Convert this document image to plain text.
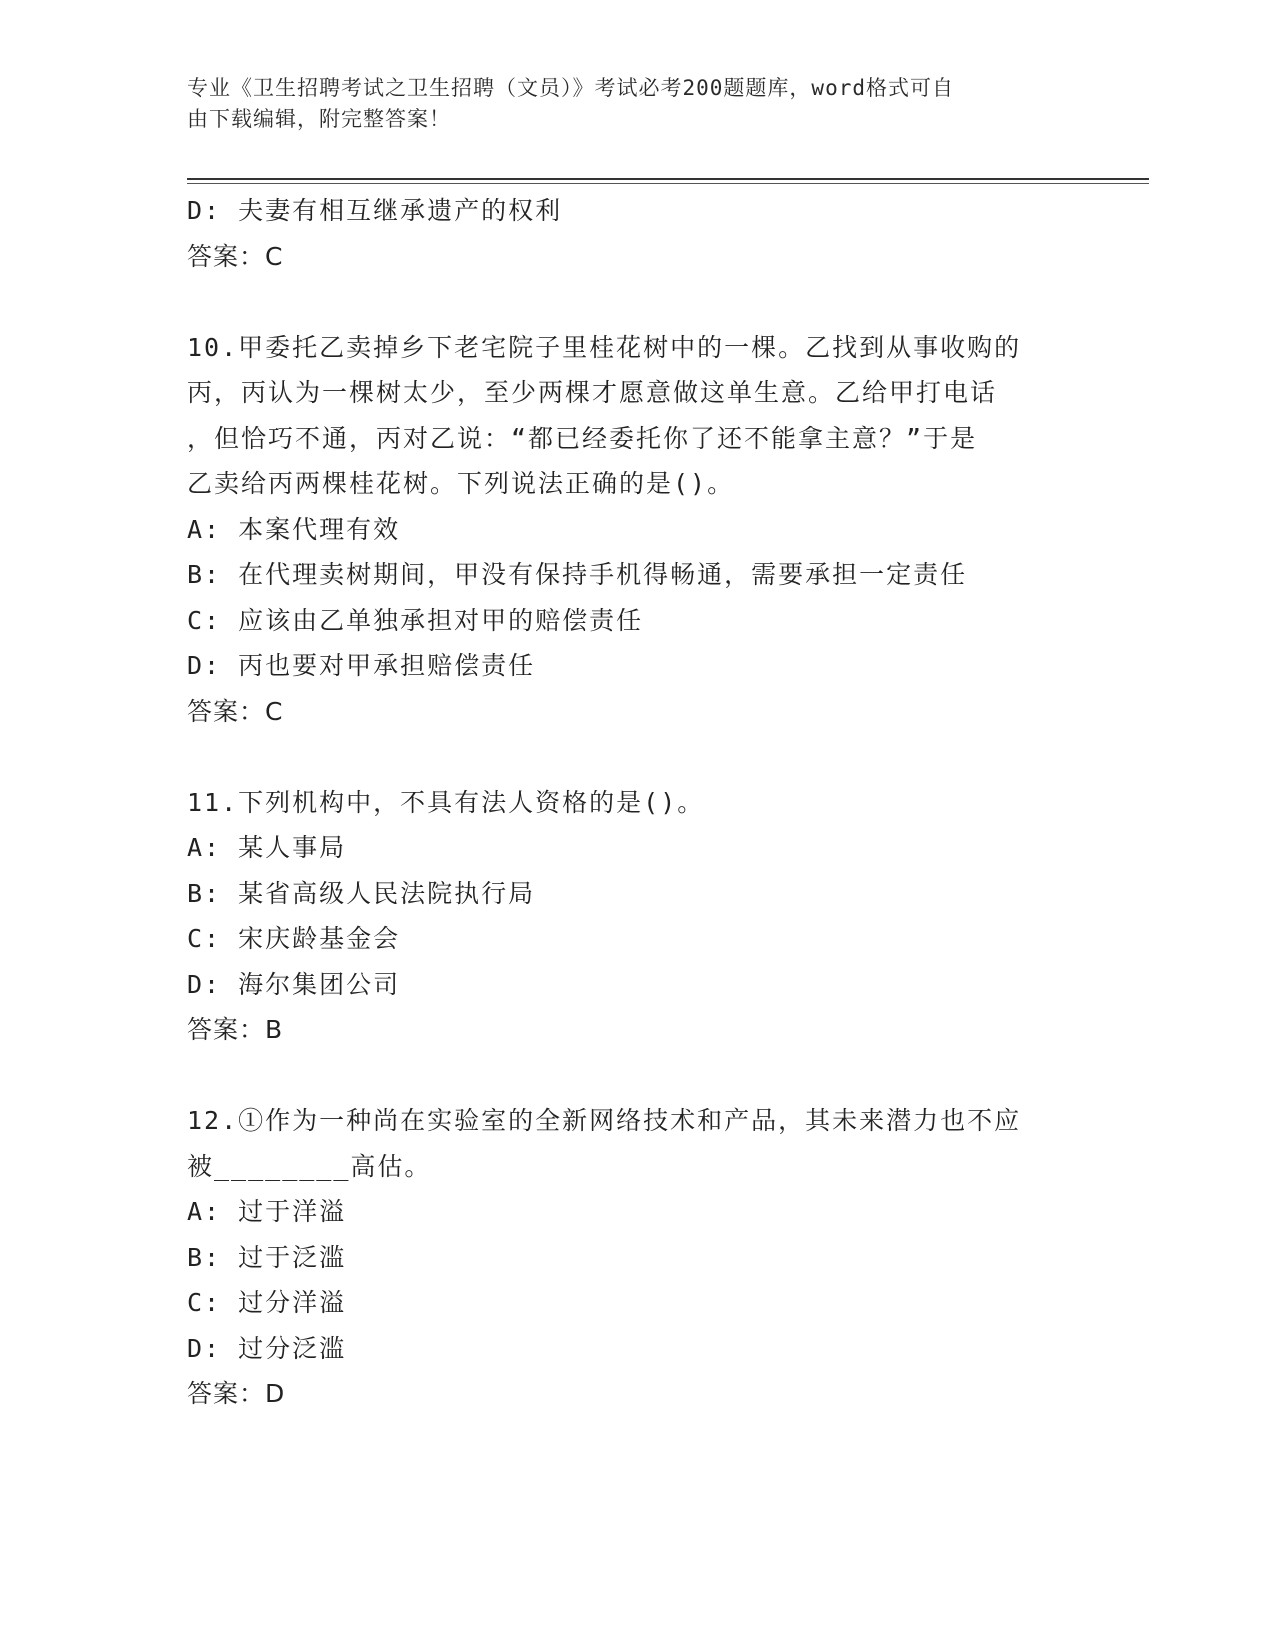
专业《卫生招聘考试之卫生招聘（文员）》考试必考200题题库，word格式可自
由下载编辑，附完整答案！
D: 夫妻有相互继承遗产的权利
答案：C
10.甲委托乙卖掉乡下老宅院子里桂花树中的一棵。乙找到从事收购的
丙，丙认为一棵树太少，至少两棵才愿意做这单生意。乙给甲打电话
，但恰巧不通，丙对乙说：“都已经委托你了还不能拿主意？”于是
乙卖给丙两棵桂花树。下列说法正确的是()。
A: 本案代理有效
B: 在代理卖树期间，甲没有保持手机得畅通，需要承担一定责任
C: 应该由乙单独承担对甲的赔偿责任
D: 丙也要对甲承担赔偿责任
答案：C
11.下列机构中，不具有法人资格的是()。
A: 某人事局
B: 某省高级人民法院执行局
C: 宋庆龄基金会
D: 海尔集团公司
答案：B
12.①作为一种尚在实验室的全新网络技术和产品，其未来潜力也不应
被________高估。
A: 过于洋溢
B: 过于泛滥
C: 过分洋溢
D: 过分泛滥
答案：D
